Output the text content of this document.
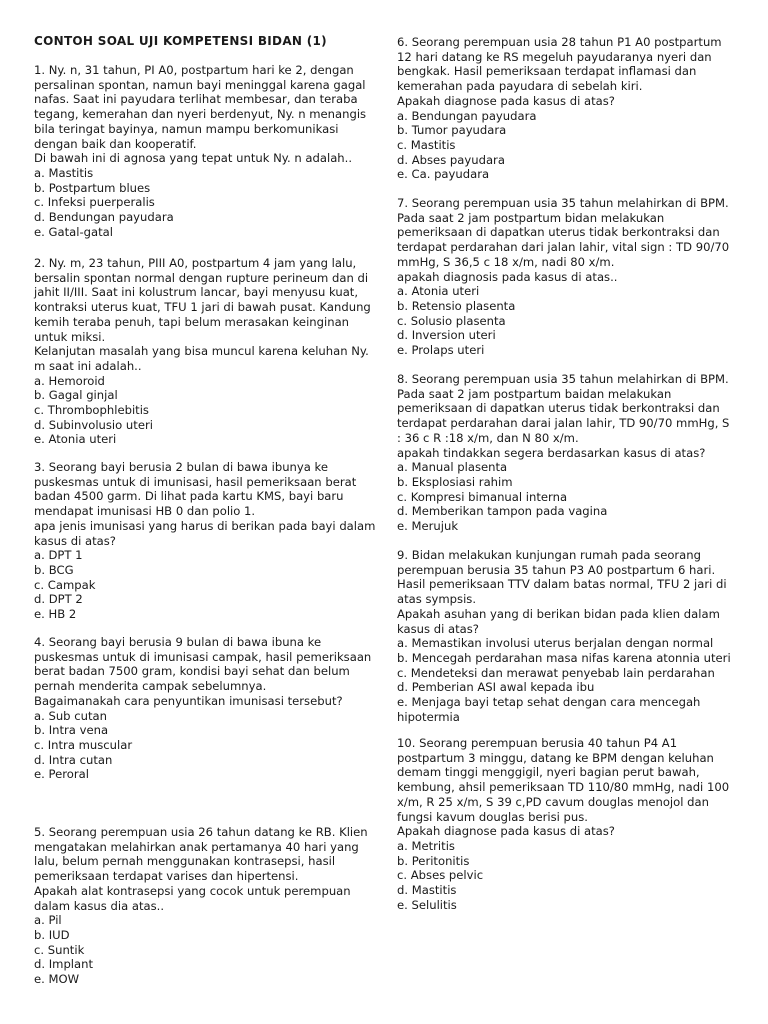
CONTOH SOAL UJI KOMPETENSI BIDAN (1)
1. Ny. n, 31 tahun, PI A0, postpartum hari ke 2, dengan
persalinan spontan, namun bayi meninggal karena gagal
nafas. Saat ini payudara terlihat membesar, dan teraba
tegang, kemerahan dan nyeri berdenyut, Ny. n menangis
bila teringat bayinya, namun mampu berkomunikasi
dengan baik dan kooperatif.
Di bawah ini di agnosa yang tepat untuk Ny. n adalah..
a. Mastitis
b. Postpartum blues
c. Infeksi puerperalis
d. Bendungan payudara
e. Gatal-gatal
2. Ny. m, 23 tahun, PIII A0, postpartum 4 jam yang lalu,
bersalin spontan normal dengan rupture perineum dan di
jahit II/III. Saat ini kolustrum lancar, bayi menyusu kuat,
kontraksi uterus kuat, TFU 1 jari di bawah pusat. Kandung
kemih teraba penuh, tapi belum merasakan keinginan
untuk miksi.
Kelanjutan masalah yang bisa muncul karena keluhan Ny.
m saat ini adalah..
a. Hemoroid
b. Gagal ginjal
c. Thrombophlebitis
d. Subinvolusio uteri
e. Atonia uteri
3. Seorang bayi berusia 2 bulan di bawa ibunya ke
puskesmas untuk di imunisasi, hasil pemeriksaan berat
badan 4500 garm. Di lihat pada kartu KMS, bayi baru
mendapat imunisasi HB 0 dan polio 1.
apa jenis imunisasi yang harus di berikan pada bayi dalam
kasus di atas?
a. DPT 1
b. BCG
c. Campak
d. DPT 2
e. HB 2
4. Seorang bayi berusia 9 bulan di bawa ibuna ke
puskesmas untuk di imunisasi campak, hasil pemeriksaan
berat badan 7500 gram, kondisi bayi sehat dan belum
pernah menderita campak sebelumnya.
Bagaimanakah cara penyuntikan imunisasi tersebut?
a. Sub cutan
b. Intra vena
c. Intra muscular
d. Intra cutan
e. Peroral
5. Seorang perempuan usia 26 tahun datang ke RB. Klien
mengatakan melahirkan anak pertamanya 40 hari yang
lalu, belum pernah menggunakan kontrasepsi, hasil
pemeriksaan terdapat varises dan hipertensi.
Apakah alat kontrasepsi yang cocok untuk perempuan
dalam kasus dia atas..
a. Pil
b. IUD
c. Suntik
d. Implant
e. MOW
6. Seorang perempuan usia 28 tahun P1 A0 postpartum
12 hari datang ke RS megeluh payudaranya nyeri dan
bengkak. Hasil pemeriksaan terdapat inflamasi dan
kemerahan pada payudara di sebelah kiri.
Apakah diagnose pada kasus di atas?
a. Bendungan payudara
b. Tumor payudara
c. Mastitis
d. Abses payudara
e. Ca. payudara
7. Seorang perempuan usia 35 tahun melahirkan di BPM.
Pada saat 2 jam postpartum bidan melakukan
pemeriksaan di dapatkan uterus tidak berkontraksi dan
terdapat perdarahan dari jalan lahir, vital sign : TD 90/70
mmHg, S 36,5 c 18 x/m, nadi 80 x/m.
apakah diagnosis pada kasus di atas..
a. Atonia uteri
b. Retensio plasenta
c. Solusio plasenta
d. Inversion uteri
e. Prolaps uteri
8. Seorang perempuan usia 35 tahun melahirkan di BPM.
Pada saat 2 jam postpartum baidan melakukan
pemeriksaan di dapatkan uterus tidak berkontraksi dan
terdapat perdarahan darai jalan lahir, TD 90/70 mmHg, S
: 36 c R :18 x/m, dan N 80 x/m.
apakah tindakkan segera berdasarkan kasus di atas?
a. Manual plasenta
b. Eksplosiasi rahim
c. Kompresi bimanual interna
d. Memberikan tampon pada vagina
e. Merujuk
9. Bidan melakukan kunjungan rumah pada seorang
perempuan berusia 35 tahun P3 A0 postpartum 6 hari.
Hasil pemeriksaan TTV dalam batas normal, TFU 2 jari di
atas sympsis.
Apakah asuhan yang di berikan bidan pada klien dalam
kasus di atas?
a. Memastikan involusi uterus berjalan dengan normal
b. Mencegah perdarahan masa nifas karena atonnia uteri
c. Mendeteksi dan merawat penyebab lain perdarahan
d. Pemberian ASI awal kepada ibu
e. Menjaga bayi tetap sehat dengan cara mencegah
hipotermia
10. Seorang perempuan berusia 40 tahun P4 A1
postpartum 3 minggu, datang ke BPM dengan keluhan
demam tinggi menggigil, nyeri bagian perut bawah,
kembung, ahsil pemeriksaan TD 110/80 mmHg, nadi 100
x/m, R 25 x/m, S 39 c,PD cavum douglas menojol dan
fungsi kavum douglas berisi pus.
Apakah diagnose pada kasus di atas?
a. Metritis
b. Peritonitis
c. Abses pelvic
d. Mastitis
e. Selulitis
